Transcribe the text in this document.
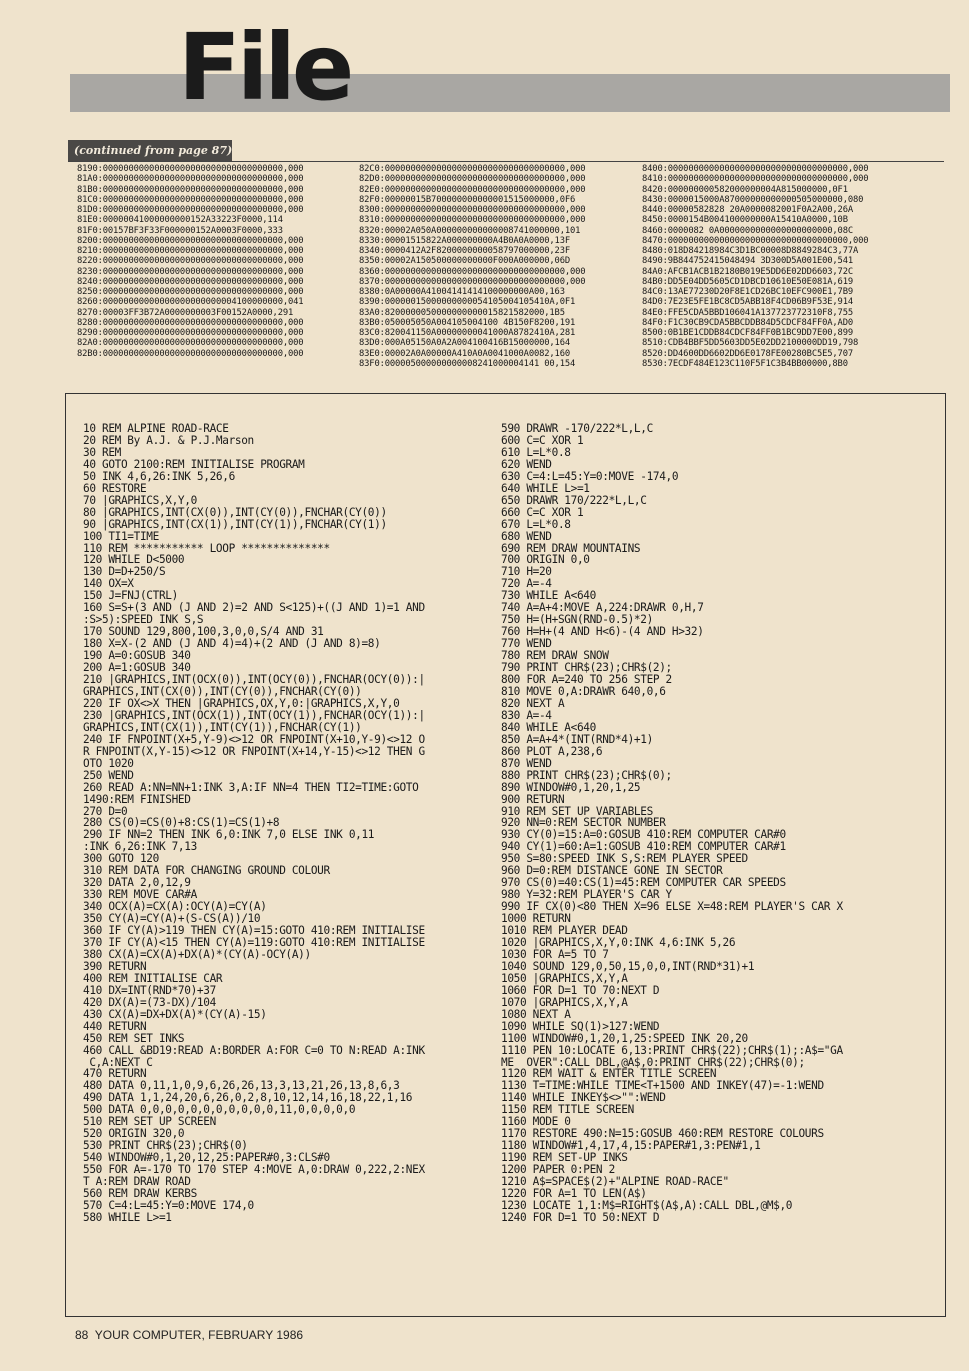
File
(continued from page 87)
8190:00000000000000000000000000000000000,000
81A0:00000000000000000000000000000000000,000
81B0:00000000000000000000000000000000000,000
81C0:00000000000000000000000000000000000,000
81D0:00000000000000000000000000000000000,000
81E0:00000041000000000152A33223F0000,114
81F0:00157BF3F33F000000152A0003F0000,333
8200:00000000000000000000000000000000000,000
8210:00000000000000000000000000000000000,000
8220:00000000000000000000000000000000000,000
8230:00000000000000000000000000000000000,000
8240:00000000000000000000000000000000000,000
8250:00000000000000000000000000000000000,000
8260:00000000000000000000000004100000000,041
8270:00003FF3B72A0000000003F00152A0000,291
8280:00000000000000000000000000000000000,000
8290:00000000000000000000000000000000000,000
82A0:00000000000000000000000000000000000,000
82B0:00000000000000000000000000000000000,000
82C0:00000000000000000000000000000000000,000
82D0:00000000000000000000000000000000000,000
82E0:00000000000000000000000000000000000,000
82F0:00000015B700000000000001515000000,0F6
8300:00000000000000000000000000000000000,000
8310:00000000000000000000000000000000000,000
8320:00002A050A000000000000008741000000,101
8330:00001515822A000000000A4B0A0A0000,13F
8340:0000412A2F8200000000058797000000,23F
8350:00002A150500000000000F000A000000,06D
8360:00000000000000000000000000000000000,000
8370:00000000000000000000000000000000000,000
8380:0A00000A41004141414100000000A00,163
8390:00000015000000000054105004105410A,0F1
83A0:8200000050000000000015821582000,1B5
83B0:050005050A004105004100 4B150F8200,191
83C0:820041150A00000000041000A8782410A,281
83D0:000A05150A0A2A004100416B15000000,164
83E0:00002A0A00000A410A0A0041000A0082,160
83F0:000005000000000008241000004141 00,154
8400:00000000000000000000000000000000000,000
8410:00000000000000000000000000000000000,000
8420:000000000582000000004A815000000,0F1
8430:0000015000A87000000000000505000000,080
8440:00000582828 20A0000082001F0A2A00,26A
8450:0000154B004100000000A15410A0000,10B
8460:0000082 0A0000000000000000000000,08C
8470:00000000000000000000000000000000000,000
8480:018D84218984C3D1BC00008D8849284C3,77A
8490:9B844752415048494 3D300D5A001E00,541
84A0:AFCB1ACB1B2180B019E5DD6E02DD6603,72C
84B0:DD5E04DD5605CD1DBCD10610E50E081A,619
84C0:13AE77230D20F8E1CD26BC10EFC900E1,7B9
84D0:7E23E5FE1BC8CD5ABB18F4CD06B9F53E,914
84E0:FFE5CDA5BBD106041A137723772310F8,755
84F0:F1C30CB9CDA5BBCDDB84D5CDCF84FF0A,AD0
8500:0B1BE1CDDB84CDCF84FF0B1BC9DD7E00,899
8510:CDB4BBF5DD5603DD5E02DD2100000DD19,798
8520:DD4600DD6602DD6E0178FE00280BC5E5,707
8530:7ECDF484E123C110F5F1C3B4BB00000,8B0
10 REM ALPINE ROAD-RACE
20 REM By A.J. & P.J.Marson
30 REM
40 GOTO 2100:REM INITIALISE PROGRAM
50 INK 4,6,26:INK 5,26,6
60 RESTORE
70 |GRAPHICS,X,Y,0
80 |GRAPHICS,INT(CX(0)),INT(CY(0)),FNCHAR(CY(0))
90 |GRAPHICS,INT(CX(1)),INT(CY(1)),FNCHAR(CY(1))
100 TI1=TIME
110 REM *********** LOOP **************
120 WHILE D<5000
130 D=D+250/S
140 OX=X
150 J=FNJ(CTRL)
160 S=S+(3 AND (J AND 2)=2 AND S<125)+((J AND 1)=1 AND
:S>5):SPEED INK S,S
170 SOUND 129,800,100,3,0,0,S/4 AND 31
180 X=X-(2 AND (J AND 4)=4)+(2 AND (J AND 8)=8)
190 A=0:GOSUB 340
200 A=1:GOSUB 340
210 |GRAPHICS,INT(OCX(0)),INT(OCY(0)),FNCHAR(OCY(0)):|
GRAPHICS,INT(CX(0)),INT(CY(0)),FNCHAR(CY(0))
220 IF OX<>X THEN |GRAPHICS,OX,Y,0:|GRAPHICS,X,Y,0
230 |GRAPHICS,INT(OCX(1)),INT(OCY(1)),FNCHAR(OCY(1)):|
GRAPHICS,INT(CX(1)),INT(CY(1)),FNCHAR(CY(1))
240 IF FNPOINT(X+5,Y-9)<>12 OR FNPOINT(X+10,Y-9)<>12 O
R FNPOINT(X,Y-15)<>12 OR FNPOINT(X+14,Y-15)<>12 THEN G
OTO 1020
250 WEND
260 READ A:NN=NN+1:INK 3,A:IF NN=4 THEN TI2=TIME:GOTO
1490:REM FINISHED
270 D=0
280 CS(0)=CS(0)+8:CS(1)=CS(1)+8
290 IF NN=2 THEN INK 6,0:INK 7,0 ELSE INK 0,11
:INK 6,26:INK 7,13
300 GOTO 120
310 REM DATA FOR CHANGING GROUND COLOUR
320 DATA 2,0,12,9
330 REM MOVE CAR#A
340 OCX(A)=CX(A):OCY(A)=CY(A)
350 CY(A)=CY(A)+(S-CS(A))/10
360 IF CY(A)>119 THEN CY(A)=15:GOTO 410:REM INITIALISE
370 IF CY(A)<15 THEN CY(A)=119:GOTO 410:REM INITIALISE
380 CX(A)=CX(A)+DX(A)*(CY(A)-OCY(A))
390 RETURN
400 REM INITIALISE CAR
410 DX=INT(RND*70)+37
420 DX(A)=(73-DX)/104
430 CX(A)=DX+DX(A)*(CY(A)-15)
440 RETURN
450 REM SET INKS
460 CALL &BD19:READ A:BORDER A:FOR C=0 TO N:READ A:INK
C,A:NEXT C
470 RETURN
480 DATA 0,11,1,0,9,6,26,26,13,3,13,21,26,13,8,6,3
490 DATA 1,1,24,20,6,26,0,2,8,10,12,14,16,18,22,1,16
500 DATA 0,0,0,0,0,0,0,0,0,0,0,11,0,0,0,0,0
510 REM SET UP SCREEN
520 ORIGIN 320,0
530 PRINT CHR$(23);CHR$(0)
540 WINDOW#0,1,20,12,25:PAPER#0,3:CLS#0
550 FOR A=-170 TO 170 STEP 4:MOVE A,0:DRAW 0,222,2:NEX
T A:REM DRAW ROAD
560 REM DRAW KERBS
570 C=4:L=45:Y=0:MOVE 174,0
580 WHILE L>=1
590 DRAWR -170/222*L,L,C
600 C=C XOR 1
610 L=L*0.8
620 WEND
630 C=4:L=45:Y=0:MOVE -174,0
640 WHILE L>=1
650 DRAWR 170/222*L,L,C
660 C=C XOR 1
670 L=L*0.8
680 WEND
690 REM DRAW MOUNTAINS
700 ORIGIN 0,0
710 H=20
720 A=-4
730 WHILE A<640
740 A=A+4:MOVE A,224:DRAWR 0,H,7
750 H=(H+SGN(RND-0.5)*2)
760 H=H+(4 AND H<6)-(4 AND H>32)
770 WEND
780 REM DRAW SNOW
790 PRINT CHR$(23);CHR$(2);
800 FOR A=240 TO 256 STEP 2
810 MOVE 0,A:DRAWR 640,0,6
820 NEXT A
830 A=-4
840 WHILE A<640
850 A=A+4*(INT(RND*4)+1)
860 PLOT A,238,6
870 WEND
880 PRINT CHR$(23);CHR$(0);
890 WINDOW#0,1,20,1,25
900 RETURN
910 REM SET UP VARIABLES
920 NN=0:REM SECTOR NUMBER
930 CY(0)=15:A=0:GOSUB 410:REM COMPUTER CAR#0
940 CY(1)=60:A=1:GOSUB 410:REM COMPUTER CAR#1
950 S=80:SPEED INK S,S:REM PLAYER SPEED
960 D=0:REM DISTANCE GONE IN SECTOR
970 CS(0)=40:CS(1)=45:REM COMPUTER CAR SPEEDS
980 Y=32:REM PLAYER'S CAR Y
990 IF CX(0)<80 THEN X=96 ELSE X=48:REM PLAYER'S CAR X
1000 RETURN
1010 REM PLAYER DEAD
1020 |GRAPHICS,X,Y,0:INK 4,6:INK 5,26
1030 FOR A=5 TO 7
1040 SOUND 129,0,50,15,0,0,INT(RND*31)+1
1050 |GRAPHICS,X,Y,A
1060 FOR D=1 TO 70:NEXT D
1070 |GRAPHICS,X,Y,A
1080 NEXT A
1090 WHILE SQ(1)>127:WEND
1100 WINDOW#0,1,20,1,25:SPEED INK 20,20
1110 PEN 10:LOCATE 6,13:PRINT CHR$(22);CHR$(1);:A$="GA
ME  OVER":CALL DBL,@A$,0:PRINT CHR$(22);CHR$(0);
1120 REM WAIT & ENTER TITLE SCREEN
1130 T=TIME:WHILE TIME<T+1500 AND INKEY(47)=-1:WEND
1140 WHILE INKEY$<>"":WEND
1150 REM TITLE SCREEN
1160 MODE 0
1170 RESTORE 490:N=15:GOSUB 460:REM RESTORE COLOURS
1180 WINDOW#1,4,17,4,15:PAPER#1,3:PEN#1,1
1190 REM SET-UP INKS
1200 PAPER 0:PEN 2
1210 A$=SPACE$(2)+"ALPINE ROAD-RACE"
1220 FOR A=1 TO LEN(A$)
1230 LOCATE 1,1:M$=RIGHT$(A$,A):CALL DBL,@M$,0
1240 FOR D=1 TO 50:NEXT D
88  YOUR COMPUTER, FEBRUARY 1986
